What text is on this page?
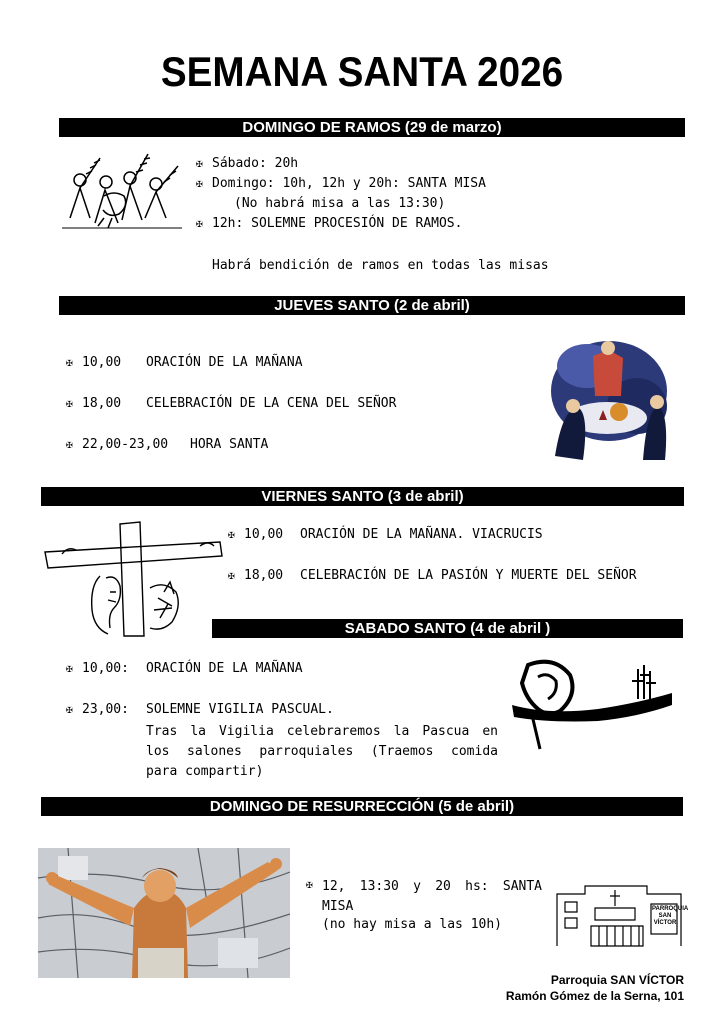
SEMANA SANTA 2026
DOMINGO DE RAMOS (29 de marzo)
✠ Sábado: 20h
✠ Domingo: 10h, 12h y 20h: SANTA MISA
(No habrá misa a las 13:30)
✠ 12h: SOLEMNE PROCESIÓN DE RAMOS.
Habrá bendición de ramos en todas las misas
JUEVES SANTO (2 de abril)
✠ 10,00 ORACIÓN DE LA MAÑANA
✠ 18,00 CELEBRACIÓN DE LA CENA DEL SEÑOR
✠ 22,00-23,00 HORA SANTA
VIERNES SANTO (3 de abril)
✠ 10,00 ORACIÓN DE LA MAÑANA. VIACRUCIS
✠ 18,00 CELEBRACIÓN DE LA PASIÓN Y MUERTE DEL SEÑOR
SABADO SANTO (4 de abril )
✠ 10,00: ORACIÓN DE LA MAÑANA
✠ 23,00: SOLEMNE VIGILIA PASCUAL.
Tras la Vigilia celebraremos la Pascua en los salones parroquiales (Traemos comida para compartir)
DOMINGO DE RESURRECCIÓN (5 de abril)
✠ 12, 13:30 y 20 hs: SANTA MISA
(no hay misa a las 10h)
PARROQUIA
SAN
VÍCTOR
Parroquia SAN VÍCTOR
Ramón Gómez de la Serna, 101
